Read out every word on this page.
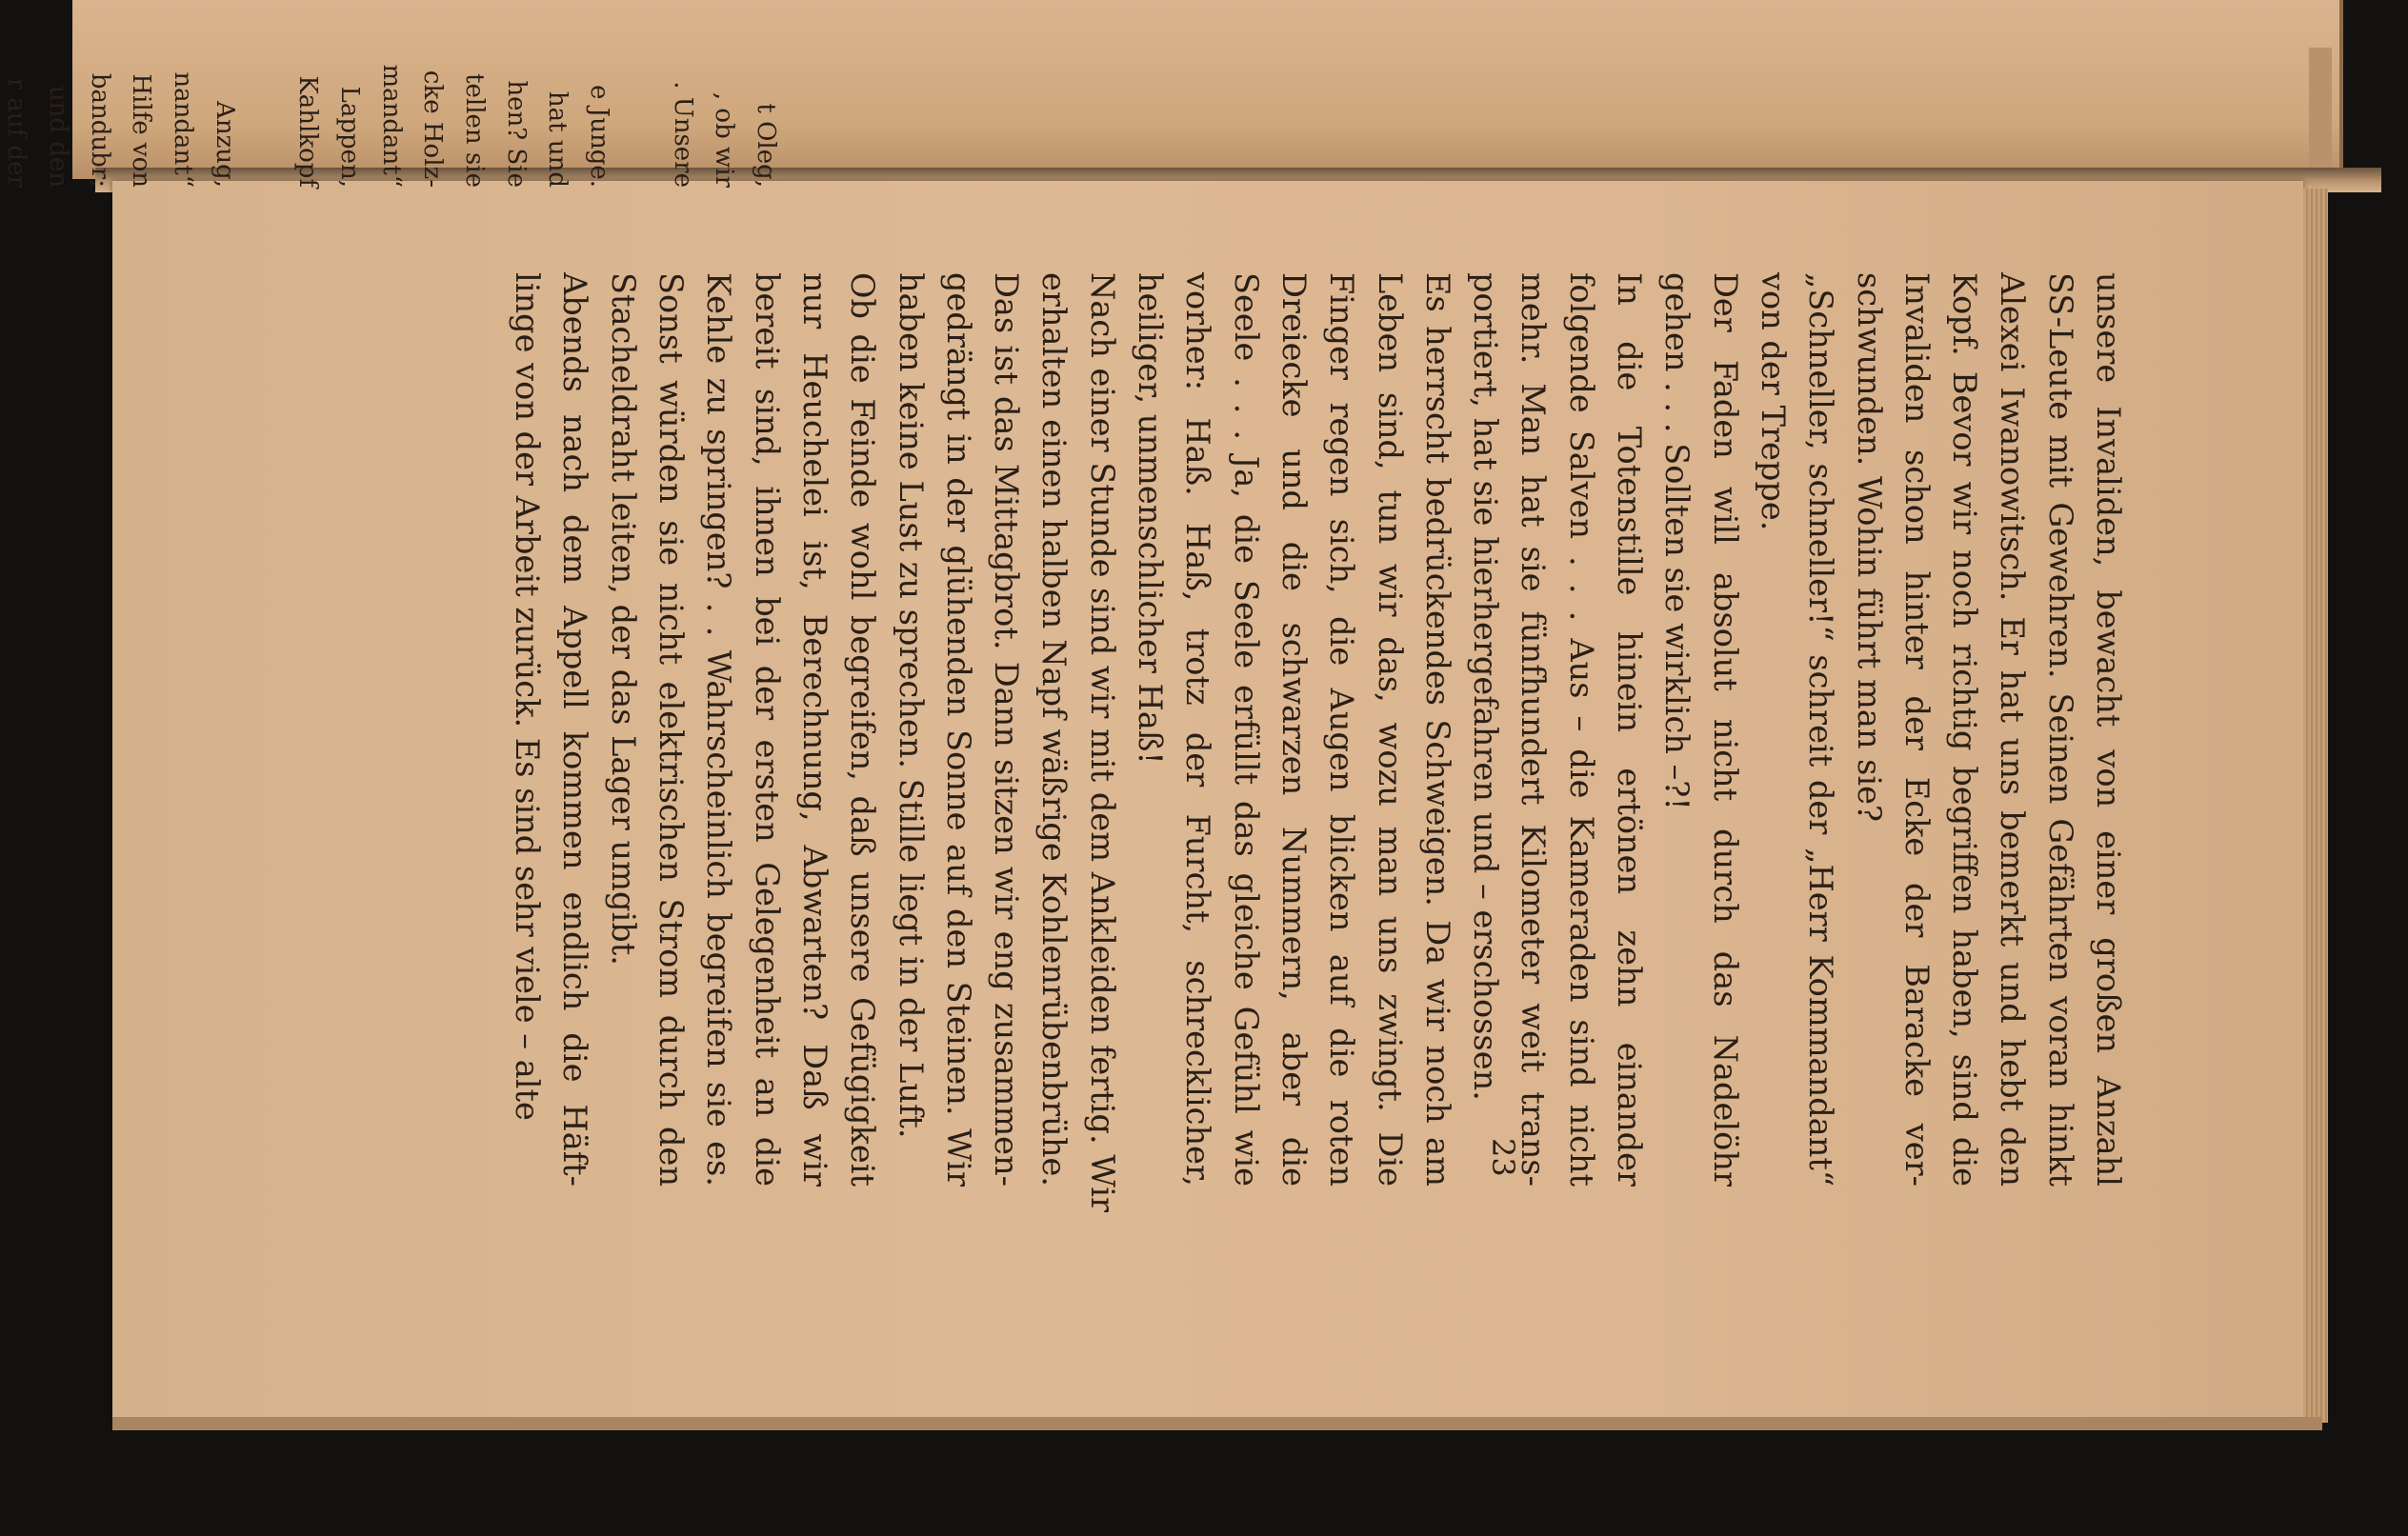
t Oleg,
, ob wir
. Unsere

e Junge.
hat und
hen? Sie
tellen sie
cke Holz-
mandant“
Lappen,
Kahlkopf

Anzug,
nandant“
Hilfe von
bandubr;
und den
r auf der

unsere Invaliden, bewacht von einer großen Anzahl
SS-Leute mit Gewehren. Seinen Gefährten voran hinkt
Alexei Iwanowitsch. Er hat uns bemerkt und hebt den
Kopf. Bevor wir noch richtig begriffen haben, sind die
Invaliden schon hinter der Ecke der Baracke ver-
schwunden. Wohin führt man sie?
„Schneller, schneller!“ schreit der „Herr Kommandant“
von der Treppe.
Der Faden will absolut nicht durch das Nadelöhr
gehen . . . Sollten sie wirklich –?!
In die Totenstille hinein ertönen zehn einander
folgende Salven . . . Aus – die Kameraden sind nicht
mehr. Man hat sie fünfhundert Kilometer weit trans-
portiert, hat sie hierhergefahren und – erschossen.
Es herrscht bedrückendes Schweigen. Da wir noch am
Leben sind, tun wir das, wozu man uns zwingt. Die
Finger regen sich, die Augen blicken auf die roten
Dreiecke und die schwarzen Nummern, aber die
Seele . . . Ja, die Seele erfüllt das gleiche Gefühl wie
vorher: Haß. Haß, trotz der Furcht, schrecklicher,
heiliger, unmenschlicher Haß!
Nach einer Stunde sind wir mit dem Ankleiden fertig. Wir
erhalten einen halben Napf wäßrige Kohlenrübenbrühe.
Das ist das Mittagbrot. Dann sitzen wir eng zusammen-
gedrängt in der glühenden Sonne auf den Steinen. Wir
haben keine Lust zu sprechen. Stille liegt in der Luft.
Ob die Feinde wohl begreifen, daß unsere Gefügigkeit
nur Heuchelei ist, Berechnung, Abwarten? Daß wir
bereit sind, ihnen bei der ersten Gelegenheit an die
Kehle zu springen? . . Wahrscheinlich begreifen sie es.
Sonst würden sie nicht elektrischen Strom durch den
Stacheldraht leiten, der das Lager umgibt.
Abends nach dem Appell kommen endlich die Häft-
linge von der Arbeit zurück. Es sind sehr viele – alte
23
